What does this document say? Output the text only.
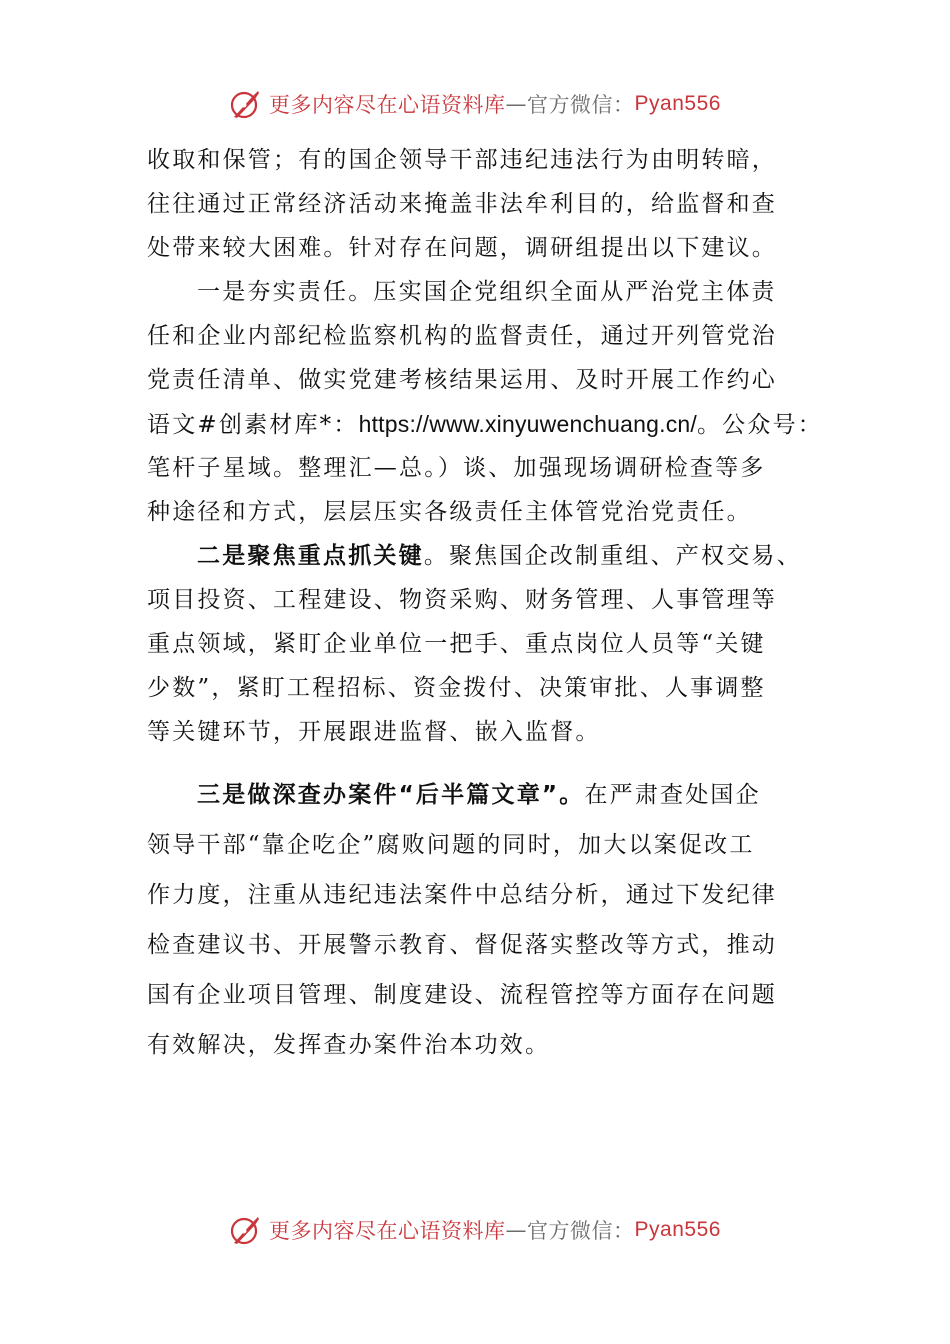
更多内容尽在心语资料库 — 官方微信： Pyan556
收取和保管；有的国企领导干部违纪违法行为由明转暗，
往往通过正常经济活动来掩盖非法牟利目的，给监督和查
处带来较大困难。针对存在问题，调研组提出以下建议。
一是夯实责任。压实国企党组织全面从严治党主体责
任和企业内部纪检监察机构的监督责任，通过开列管党治
党责任清单、做实党建考核结果运用、及时开展工作约心
语文#创素材库*：https://www.xinyuwenchuang.cn/。公众号：
笔杆子星域。整理汇—总。）谈、加强现场调研检查等多
种途径和方式，层层压实各级责任主体管党治党责任。
二是聚焦重点抓关键。聚焦国企改制重组、产权交易、
项目投资、工程建设、物资采购、财务管理、人事管理等
重点领域，紧盯企业单位一把手、重点岗位人员等“关键
少数”，紧盯工程招标、资金拨付、决策审批、人事调整
等关键环节，开展跟进监督、嵌入监督。
三是做深查办案件“后半篇文章”。在严肃查处国企
领导干部“靠企吃企”腐败问题的同时，加大以案促改工
作力度，注重从违纪违法案件中总结分析，通过下发纪律
检查建议书、开展警示教育、督促落实整改等方式，推动
国有企业项目管理、制度建设、流程管控等方面存在问题
有效解决，发挥查办案件治本功效。
更多内容尽在心语资料库 — 官方微信： Pyan556
